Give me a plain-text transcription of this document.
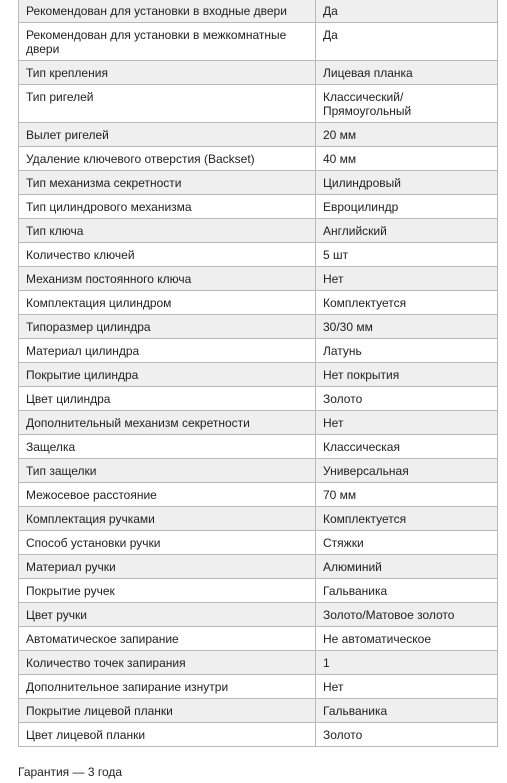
Рекомендован для установки в входные двери	Да
Рекомендован для установки в межкомнатные двери	Да
Тип крепления	Лицевая планка
Тип ригелей	Классический/ Прямоугольный
Вылет ригелей	20 мм
Удаление ключевого отверстия (Backset)	40 мм
Тип механизма секретности	Цилиндровый
Тип цилиндрового механизма	Евроцилиндр
Тип ключа	Английский
Количество ключей	5 шт
Механизм постоянного ключа	Нет
Комплектация цилиндром	Комплектуется
Типоразмер цилиндра	30/30 мм
Материал цилиндра	Латунь
Покрытие цилиндра	Нет покрытия
Цвет цилиндра	Золото
Дополнительный механизм секретности	Нет
Защелка	Классическая
Тип защелки	Универсальная
Межосевое расстояние	70 мм
Комплектация ручками	Комплектуется
Способ установки ручки	Стяжки
Материал ручки	Алюминий
Покрытие ручек	Гальваника
Цвет ручки	Золото/Матовое золото
Автоматическое запирание	Не автоматическое
Количество точек запирания	1
Дополнительное запирание изнутри	Нет
Покрытие лицевой планки	Гальваника
Цвет лицевой планки	Золото
Гарантия — 3 года
